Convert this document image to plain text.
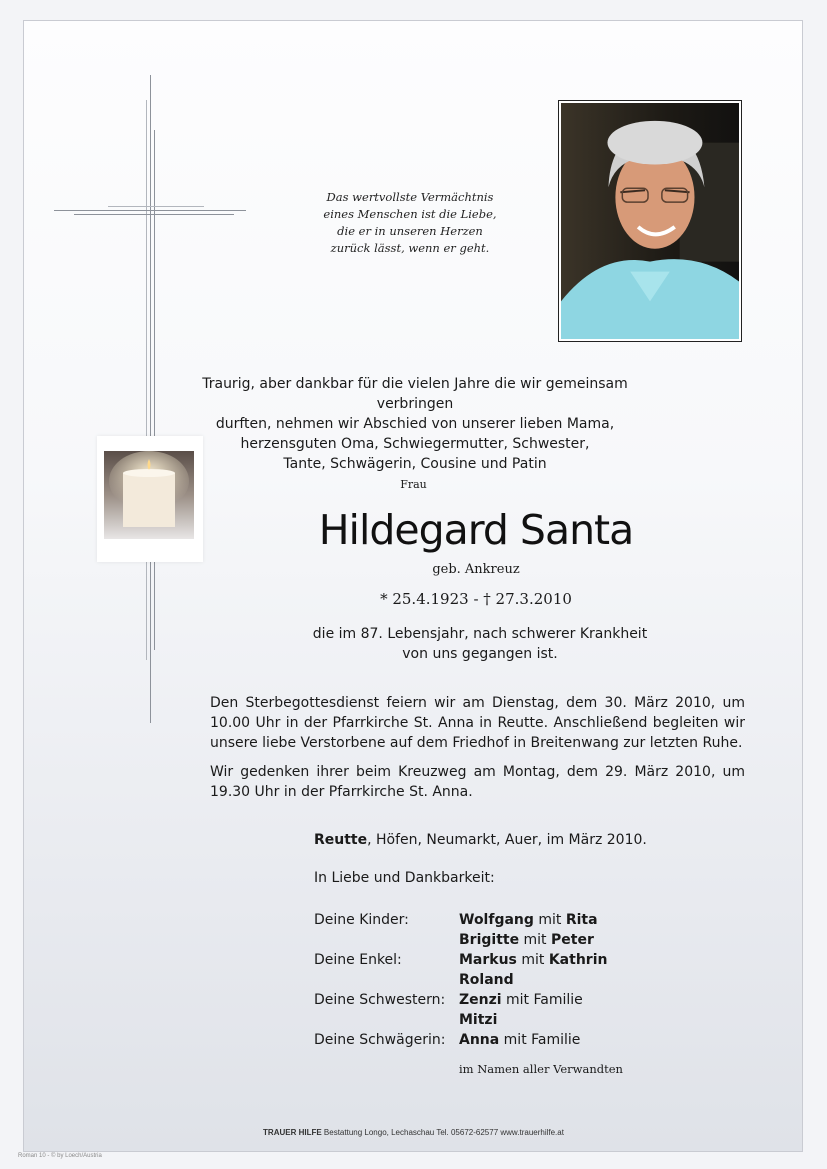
Das wertvollste Vermächtnis
eines Menschen ist die Liebe,
die er in unseren Herzen
zurück lässt, wenn er geht.
Traurig, aber dankbar für die vielen Jahre die wir gemeinsam verbringen
durften, nehmen wir Abschied von unserer lieben Mama,
herzensguten Oma, Schwiegermutter, Schwester,
Tante, Schwägerin, Cousine und Patin
Frau
Hildegard Santa
geb. Ankreuz
* 25.4.1923 - † 27.3.2010
die im 87. Lebensjahr, nach schwerer Krankheit
von uns gegangen ist.
Den Sterbegottesdienst feiern wir am Dienstag, dem 30. März 2010, um 10.00 Uhr in der Pfarrkirche St. Anna in Reutte. Anschließend begleiten wir unsere liebe Verstorbene auf dem Friedhof in Breitenwang zur letzten Ruhe.
Wir gedenken ihrer beim Kreuzweg am Montag, dem 29. März 2010, um 19.30 Uhr in der Pfarrkirche St. Anna.
Reutte, Höfen, Neumarkt, Auer, im März 2010.
In Liebe und Dankbarkeit:
Deine Kinder:	Wolfgang mit Rita
Brigitte mit Peter
Deine Enkel:	Markus mit Kathrin
Roland
Deine Schwestern: Zenzi mit Familie
Mitzi
Deine Schwägerin: Anna mit Familie
im Namen aller Verwandten
TRAUER HILFE Bestattung Longo, Lechaschau Tel. 05672-62577 www.trauerhilfe.at
Roman 10 - © by Loech/Austria
